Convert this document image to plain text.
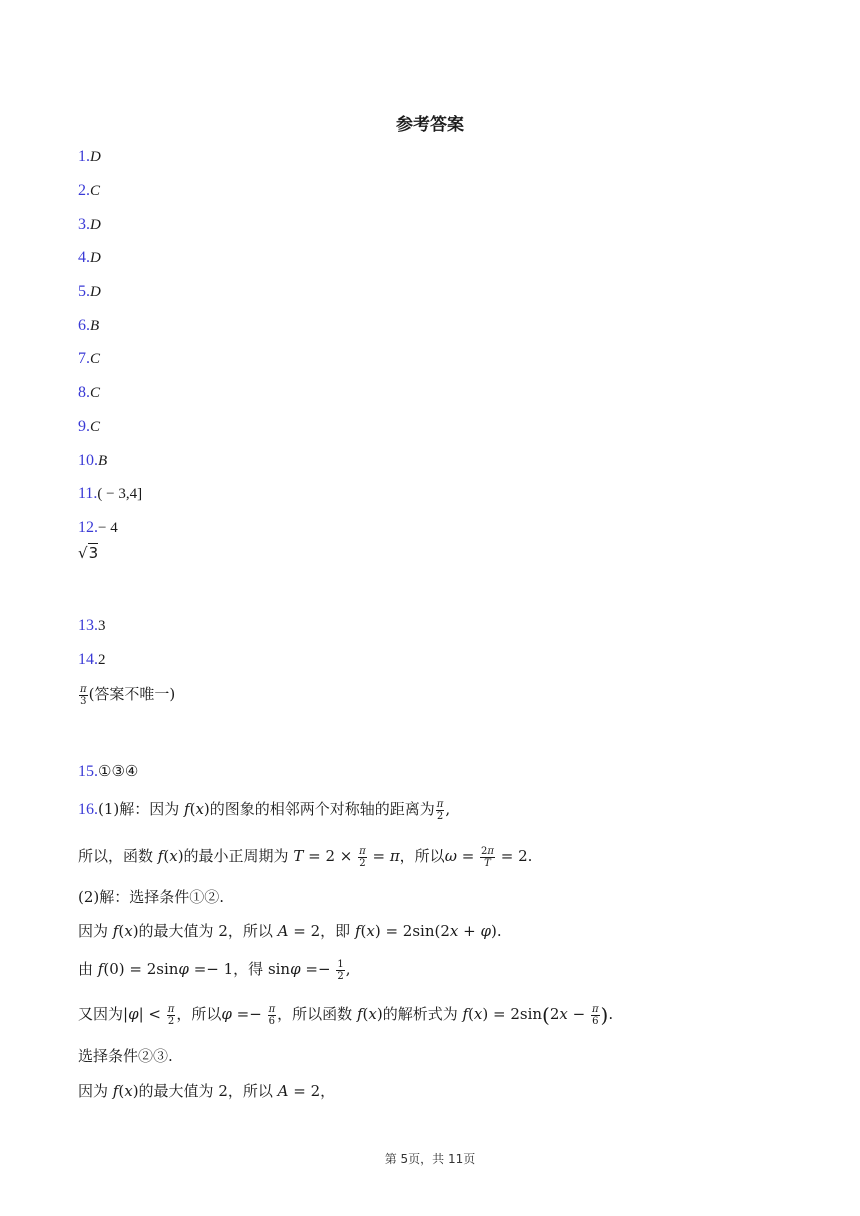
参考答案
1.D
2.C
3.D
4.D
5.D
6.B
7.C
8.C
9.C
10.B
11.( − 3,4]
12.− 4
√3
13.3
14.2
$\frac{\pi}{3}$ (答案不唯一)
15.①③④
16.(1)解：因为 f(x)的图象的相邻两个对称轴的距离为 $\frac{\pi}{2}$ ,
所以，函数 f(x)的最小正周期为 $T = 2 \times \frac{\pi}{2} = \pi$，所以$\omega = \frac{2\pi}{T} = 2$.
(2)解：选择条件①②.
因为 f(x)的最大值为 2，所以 A = 2，即 f(x) = 2sin(2x + φ).
由 f(0) = 2sinφ =− 1，得 $\sin\varphi =- \frac{1}{2}$ ,
又因为$|\varphi| < \frac{\pi}{2}$ ，所以$\varphi =- \frac{\pi}{6}$ ，所以函数 f(x)的解析式为 $f(x) = 2\sin(2x - \frac{\pi}{6}$ ).
选择条件②③.
因为 f(x)的最大值为 2，所以 A = 2，
第 5页，共 11页
